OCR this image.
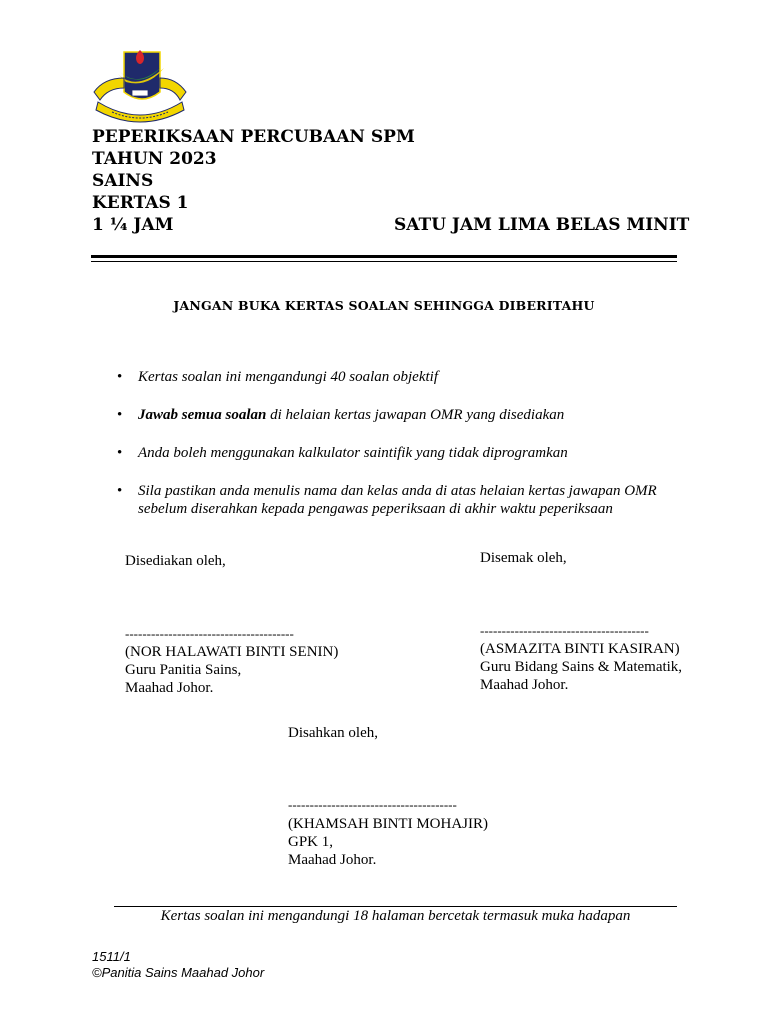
PEPERIKSAAN PERCUBAAN SPM
TAHUN 2023
SAINS
KERTAS 1
1 ¼ JAM	SATU JAM LIMA BELAS MINIT
JANGAN BUKA KERTAS SOALAN SEHINGGA DIBERITAHU
• Kertas soalan ini mengandungi 40 soalan objektif
• Jawab semua soalan di helaian kertas jawapan OMR yang disediakan
• Anda boleh menggunakan kalkulator saintifik yang tidak diprogramkan
• Sila pastikan anda menulis nama dan kelas anda di atas helaian kertas jawapan OMR sebelum diserahkan kepada pengawas peperiksaan di akhir waktu peperiksaan
Disediakan oleh,
---------------------------------------
(NOR HALAWATI BINTI SENIN)
Guru Panitia Sains,
Maahad Johor.
Disemak oleh,
---------------------------------------
(ASMAZITA BINTI KASIRAN)
Guru Bidang Sains & Matematik,
Maahad Johor.
Disahkan oleh,
---------------------------------------
(KHAMSAH BINTI MOHAJIR)
GPK 1,
Maahad Johor.
Kertas soalan ini mengandungi 18 halaman bercetak termasuk muka hadapan
1511/1
©Panitia Sains Maahad Johor
